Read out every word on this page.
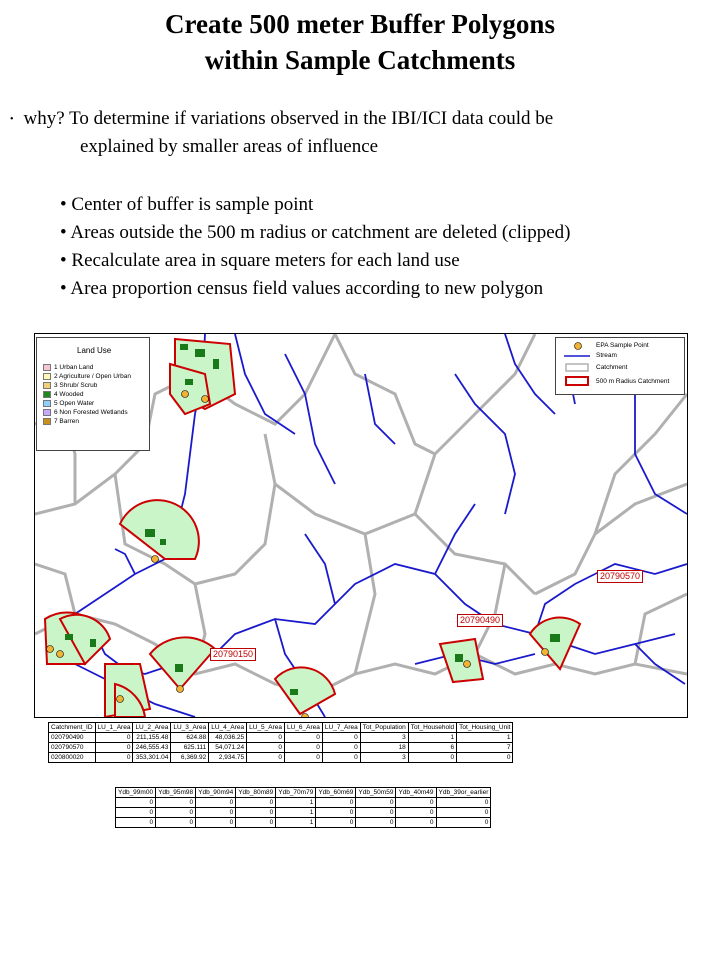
Create 500 meter Buffer Polygons
within Sample Catchments
• why? To determine if variations observed in the IBI/ICI data could be
explained by smaller areas of influence
• Center of buffer is sample point
• Areas outside the 500 m radius or catchment are deleted (clipped)
• Recalculate area in square meters for each land use
• Area proportion census field values according to new polygon
Land Use
1 Urban Land
2 Agriculture / Open Urban
3 Shrub/ Scrub
4 Wooded
5 Open Water
6 Non Forested Wetlands
7 Barren
EPA Sample Point
Stream
Catchment
500 m Radius Catchment
20790570
20790490
20790150
Catchment_ID	LU_1_Area	LU_2_Area	LU_3_Area	LU_4_Area	LU_5_Area	LU_6_Area	LU_7_Area	Tot_Population	Tot_Household	Tot_Housing_Unit
020790490	0	211,155.48	624.88	48,036.25	0	0	0	3	1	1
020790570	0	246,555.43	625.111	54,071.24	0	0	0	18	6	7
020800020	0	353,301.04	6,369.92	2,934.75	0	0	0	3	0	0
Ydb_99m00	Ydb_95m98	Ydb_90m94	Ydb_80m89	Ydb_70m79	Ydb_60m69	Ydb_50m59	Ydb_40m49	Ydb_39or_earlier
0	0	0	0	1	0	0	0	0
0	0	0	0	1	0	0	0	0
0	0	0	0	1	0	0	0	0
